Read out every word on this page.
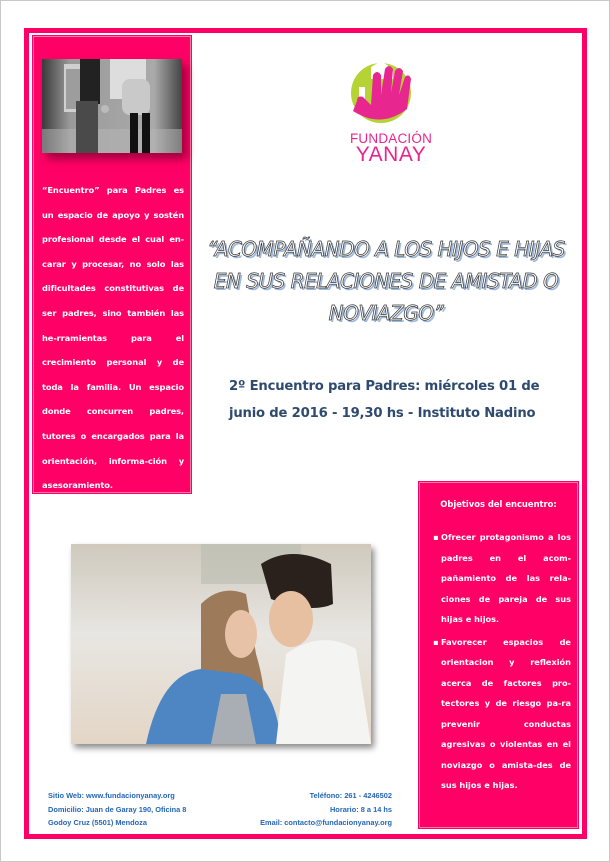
“Encuentro” para Padres es un espacio de apoyo y sostén profesional desde el cual en-carar y procesar, no solo las dificultades constitutivas de ser padres, sino también las he-rramientas para el crecimiento personal y de toda la familia. Un espacio donde concurren padres, tutores o encargados para la orientación, informa-ción y asesoramiento.
FUNDACIÓN
YANAY
“ACOMPAÑANDO A LOS HIJOS E HIJAS EN SUS RELACIONES DE AMISTAD O NOVIAZGO”
2º Encuentro para Padres: miércoles 01 de junio de 2016 - 19,30 hs - Instituto Nadino
Objetivos del encuentro:
▪ Ofrecer protagonismo a los padres en el acom-pañamiento de las rela-ciones de pareja de sus hijas e hijos.
▪ Favorecer espacios de orientacion y reflexión acerca de factores pro-tectores y de riesgo pa-ra prevenir conductas agresivas o violentas en el noviazgo o amista-des de sus hijos e hijas.
Sitio Web: www.fundacionyanay.org
Domicilio: Juan de Garay 190, Oficina 8
Godoy Cruz (5501) Mendoza
Teléfono: 261 - 4246502
Horario: 8 a 14 hs
Email: contacto@fundacionyanay.org
